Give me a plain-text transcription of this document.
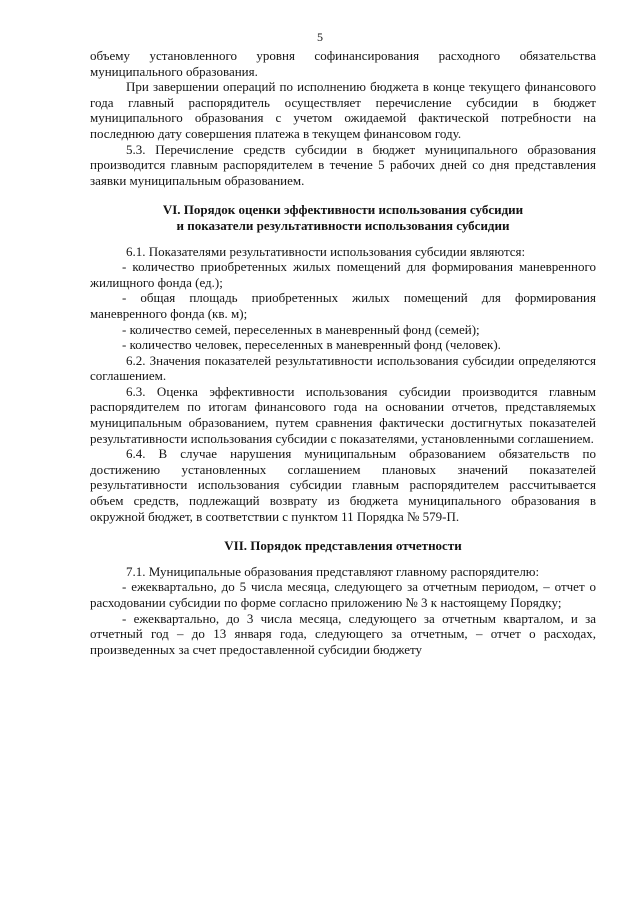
5

объему установленного уровня софинансирования расходного обязательства муниципального образования.

При завершении операций по исполнению бюджета в конце текущего финансового года главный распорядитель осуществляет перечисление субсидии в бюджет муниципального образования с учетом ожидаемой фактической потребности на последнюю дату совершения платежа в текущем финансовом году.

5.3. Перечисление средств субсидии в бюджет муниципального образования производится главным распорядителем в течение 5 рабочих дней со дня представления заявки муниципальным образованием.

VI. Порядок оценки эффективности использования субсидии

и показатели результативности использования субсидии

6.1. Показателями результативности использования субсидии являются:

- количество приобретенных жилых помещений для формирования маневренного жилищного фонда (ед.);

- общая площадь приобретенных жилых помещений для формирования маневренного фонда (кв. м);

- количество семей, переселенных в маневренный фонд (семей);

- количество человек, переселенных в маневренный фонд (человек).

6.2. Значения показателей результативности использования субсидии определяются соглашением.

6.3. Оценка эффективности использования субсидии производится главным распорядителем по итогам финансового года на основании отчетов, представляемых муниципальным образованием, путем сравнения фактически достигнутых показателей результативности использования субсидии с показателями, установленными соглашением.

6.4. В случае нарушения муниципальным образованием обязательств по достижению установленных соглашением плановых значений показателей результативности использования субсидии главным распорядителем рассчитывается объем средств, подлежащий возврату из бюджета муниципального образования в окружной бюджет, в соответствии с пунктом 11 Порядка № 579-П.

VII. Порядок представления отчетности

7.1. Муниципальные образования представляют главному распорядителю:

- ежеквартально, до 5 числа месяца, следующего за отчетным периодом, – отчет о расходовании субсидии по форме согласно приложению № 3 к настоящему Порядку;

- ежеквартально, до 3 числа месяца, следующего за отчетным кварталом, и за отчетный год – до 13 января года, следующего за отчетным, – отчет о расходах, произведенных за счет предоставленной субсидии бюджету
